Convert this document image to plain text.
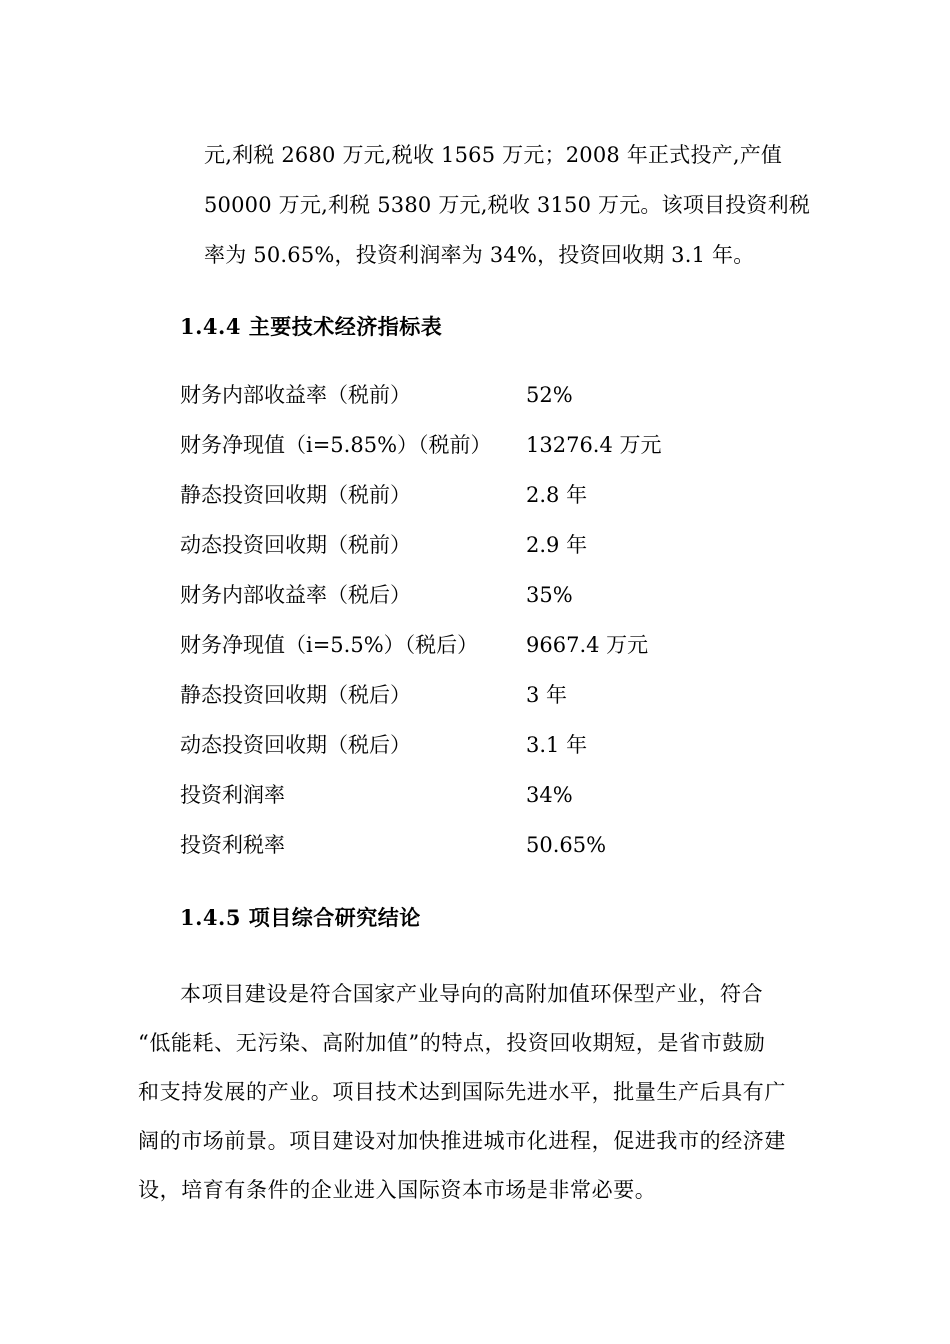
元,利税 2680 万元,税收 1565 万元；2008 年正式投产,产值

50000 万元,利税 5380 万元,税收 3150 万元。该项目投资利税

率为 50.65%，投资利润率为 34%，投资回收期 3.1 年。

1.4.4 主要技术经济指标表
财务内部收益率（税前）	52%
财务净现值（i=5.85%）（税前）	13276.4 万元
静态投资回收期（税前）	2.8 年
动态投资回收期（税前）	2.9 年
财务内部收益率（税后）	35%
财务净现值（i=5.5%）（税后）	9667.4 万元
静态投资回收期（税后）	3 年
动态投资回收期（税后）	3.1 年
投资利润率	34%
投资利税率	50.65%
1.4.5 项目综合研究结论

本项目建设是符合国家产业导向的高附加值环保型产业，符合

“低能耗、无污染、高附加值”的特点，投资回收期短，是省市鼓励

和支持发展的产业。项目技术达到国际先进水平，批量生产后具有广

阔的市场前景。项目建设对加快推进城市化进程，促进我市的经济建

设，培育有条件的企业进入国际资本市场是非常必要。
